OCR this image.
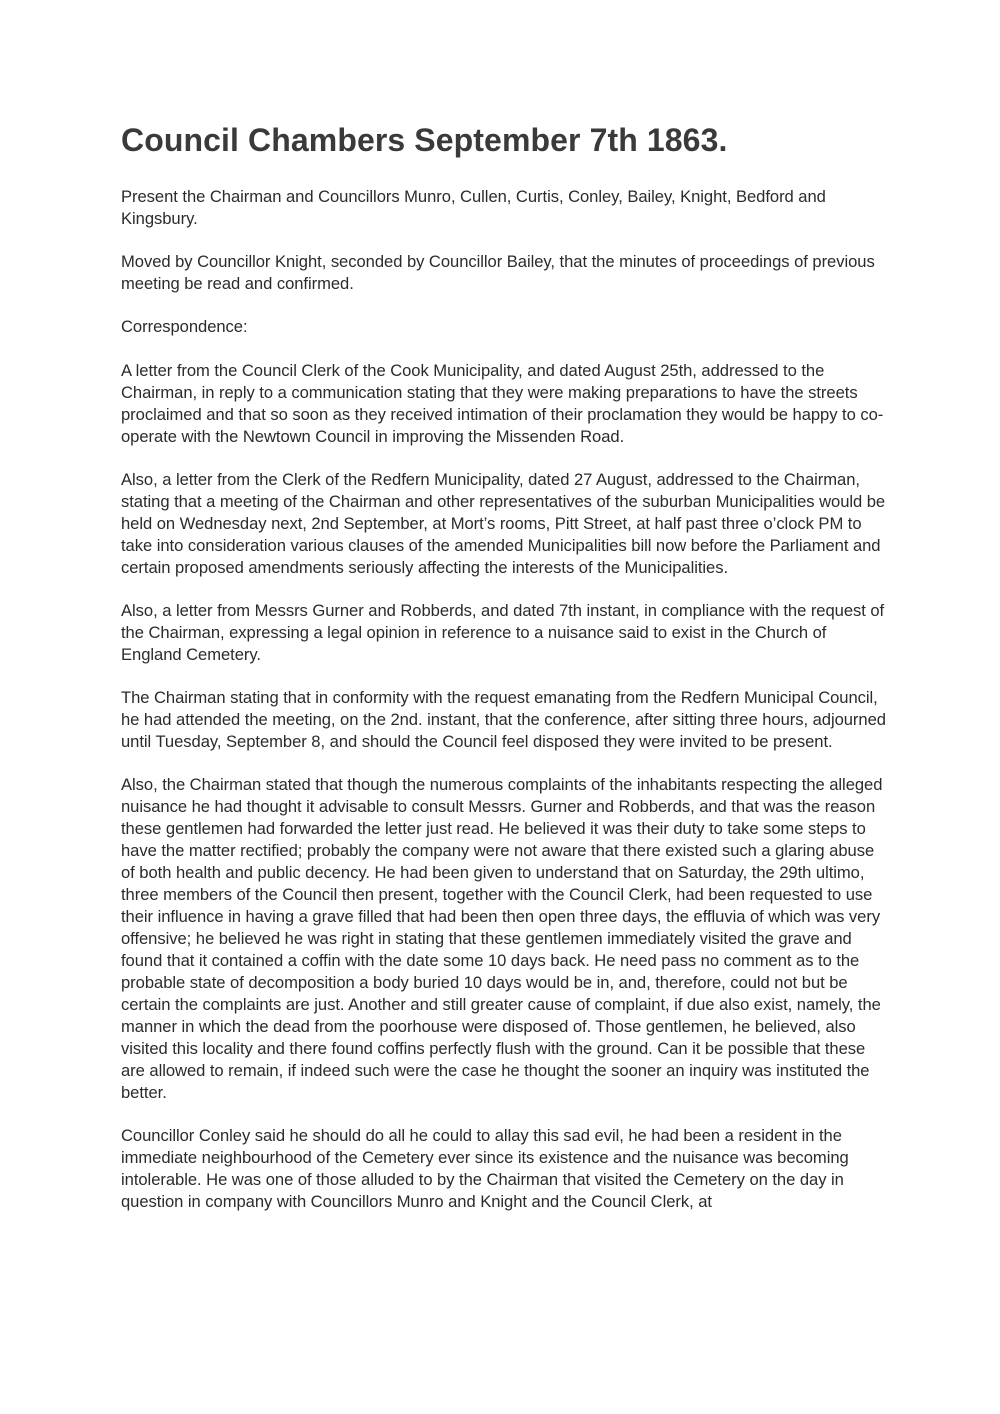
Council Chambers September 7th 1863.

Present the Chairman and Councillors Munro, Cullen, Curtis, Conley, Bailey, Knight, Bedford and Kingsbury.

Moved by Councillor Knight, seconded by Councillor Bailey, that the minutes of proceedings of previous meeting be read and confirmed.

Correspondence:

A letter from the Council Clerk of the Cook Municipality, and dated August 25th, addressed to the Chairman, in reply to a communication stating that they were making preparations to have the streets proclaimed and that so soon as they received intimation of their proclamation they would be happy to co-operate with the Newtown Council in improving the Missenden Road.

Also, a letter from the Clerk of the Redfern Municipality, dated 27 August, addressed to the Chairman, stating that a meeting of the Chairman and other representatives of the suburban Municipalities would be held on Wednesday next, 2nd September, at Mort’s rooms, Pitt Street, at half past three o’clock PM to take into consideration various clauses of the amended Municipalities bill now before the Parliament and certain proposed amendments seriously affecting the interests of the Municipalities.

Also, a letter from Messrs Gurner and Robberds, and dated 7th instant, in compliance with the request of the Chairman, expressing a legal opinion in reference to a nuisance said to exist in the Church of England Cemetery.

The Chairman stating that in conformity with the request emanating from the Redfern Municipal Council, he had attended the meeting, on the 2nd. instant, that the conference, after sitting three hours, adjourned until Tuesday, September 8, and should the Council feel disposed they were invited to be present.

Also, the Chairman stated that though the numerous complaints of the inhabitants respecting the alleged nuisance he had thought it advisable to consult Messrs. Gurner and Robberds, and that was the reason these gentlemen had forwarded the letter just read. He believed it was their duty to take some steps to have the matter rectified; probably the company were not aware that there existed such a glaring abuse of both health and public decency. He had been given to understand that on Saturday, the 29th ultimo, three members of the Council then present, together with the Council Clerk, had been requested to use their influence in having a grave filled that had been then open three days, the effluvia of which was very offensive; he believed he was right in stating that these gentlemen immediately visited the grave and found that it contained a coffin with the date some 10 days back. He need pass no comment as to the probable state of decomposition a body buried 10 days would be in, and, therefore, could not but be certain the complaints are just. Another and still greater cause of complaint, if due also exist, namely, the manner in which the dead from the poorhouse were disposed of. Those gentlemen, he believed, also visited this locality and there found coffins perfectly flush with the ground. Can it be possible that these are allowed to remain, if indeed such were the case he thought the sooner an inquiry was instituted the better.

Councillor Conley said he should do all he could to allay this sad evil, he had been a resident in the immediate neighbourhood of the Cemetery ever since its existence and the nuisance was becoming intolerable. He was one of those alluded to by the Chairman that visited the Cemetery on the day in question in company with Councillors Munro and Knight and the Council Clerk, at
